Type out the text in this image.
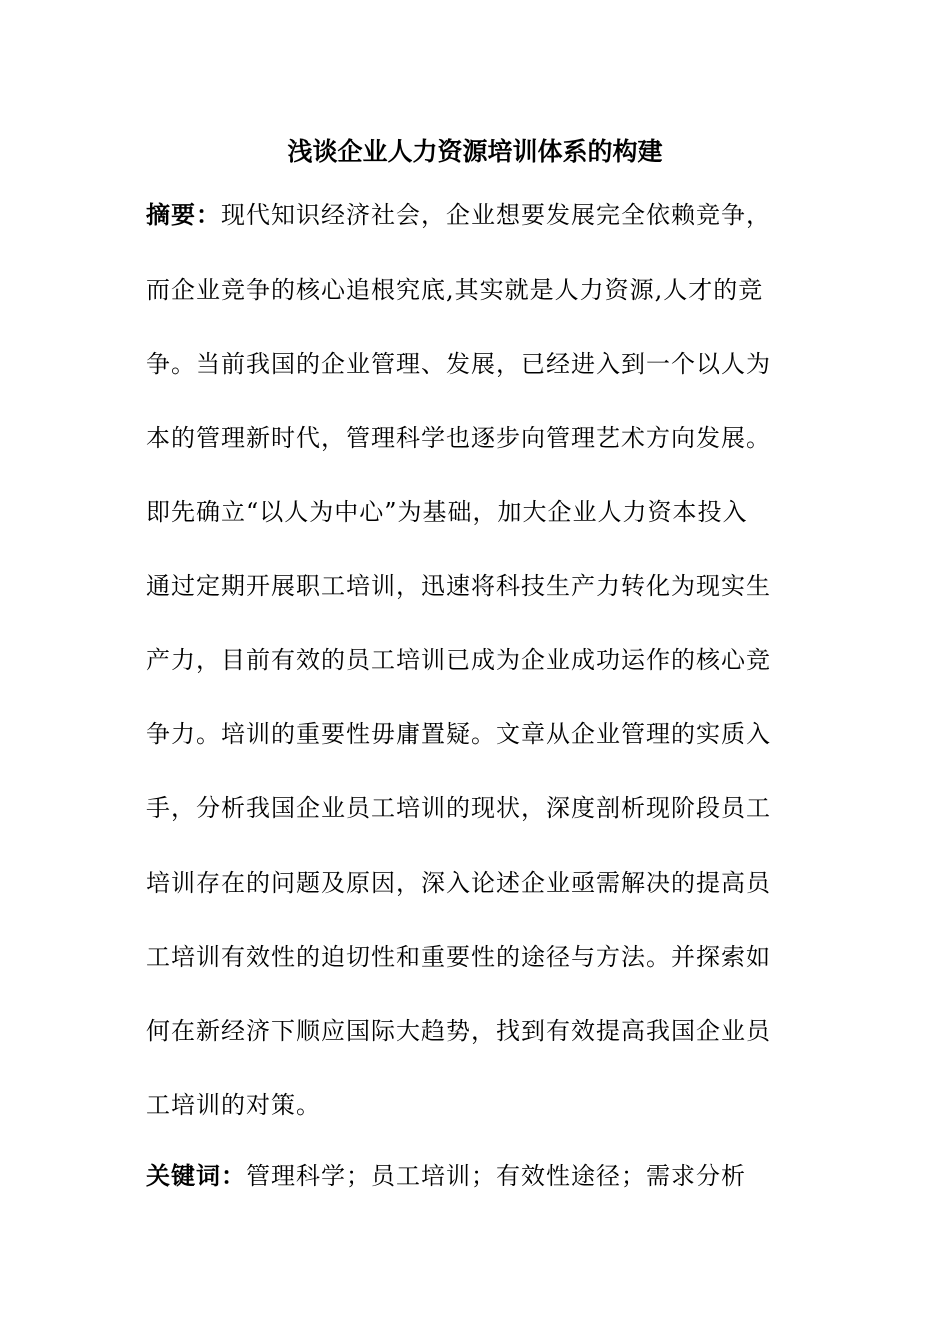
浅谈企业人力资源培训体系的构建
摘要：现代知识经济社会，企业想要发展完全依赖竞争，
而企业竞争的核心追根究底,其实就是人力资源,人才的竞
争。当前我国的企业管理、发展，已经进入到一个以人为
本的管理新时代，管理科学也逐步向管理艺术方向发展。
即先确立“以人为中心”为基础，加大企业人力资本投入
通过定期开展职工培训，迅速将科技生产力转化为现实生
产力，目前有效的员工培训已成为企业成功运作的核心竞
争力。培训的重要性毋庸置疑。文章从企业管理的实质入
手，分析我国企业员工培训的现状，深度剖析现阶段员工
培训存在的问题及原因，深入论述企业亟需解决的提高员
工培训有效性的迫切性和重要性的途径与方法。并探索如
何在新经济下顺应国际大趋势，找到有效提高我国企业员
工培训的对策。
关键词：管理科学；员工培训；有效性途径；需求分析
